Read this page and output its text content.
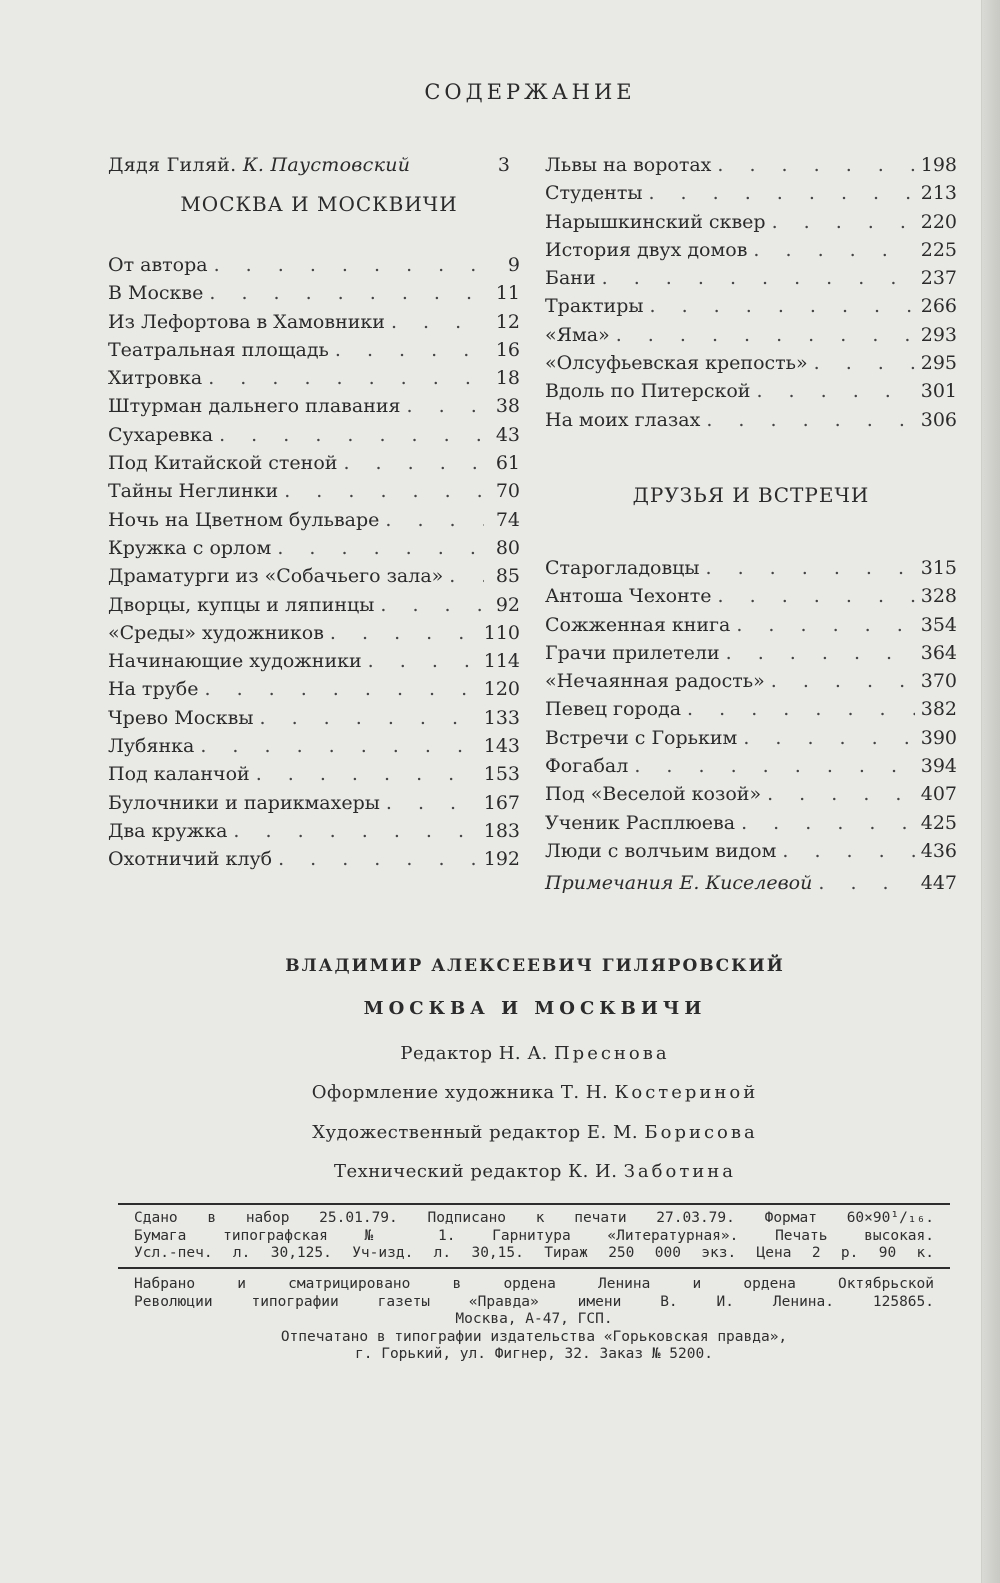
СОДЕРЖАНИЕ
Дядя Гиляй. К. Паустовский	3
МОСКВА И МОСКВИЧИ
От автора . . .	9
В Москве . . .	11
Из Лефортова в Хамовники . . .	12
Театральная площадь . . .	16
Хитровка . . .	18
Штурман дальнего плавания . . .	38
Сухаревка . . .	43
Под Китайской стеной . . .	61
Тайны Неглинки . . .	70
Ночь на Цветном бульваре . . .	74
Кружка с орлом . . .	80
Драматурги из «Собачьего зала» . . .	85
Дворцы, купцы и ляпинцы . . .	92
«Среды» художников . . .	110
Начинающие художники . . .	114
На трубе . . .	120
Чрево Москвы . . .	133
Лубянка . . .	143
Под каланчой . . .	153
Булочники и парикмахеры . . .	167
Два кружка . . .	183
Охотничий клуб . . .	192
Львы на воротах . . .	198
Студенты . . .	213
Нарышкинский сквер . . .	220
История двух домов . . .	225
Бани . . .	237
Трактиры . . .	266
«Яма» . . .	293
«Олсуфьевская крепость» . . .	295
Вдоль по Питерской . . .	301
На моих глазах . . .	306
ДРУЗЬЯ И ВСТРЕЧИ
Старогладовцы . . .	315
Антоша Чехонте . . .	328
Сожженная книга . . .	354
Грачи прилетели . . .	364
«Нечаянная радость» . . .	370
Певец города . . .	382
Встречи с Горьким . . .	390
Фогабал . . .	394
Под «Веселой козой» . . .	407
Ученик Расплюева . . .	425
Люди с волчьим видом . . .	436
Примечания Е. Киселевой . . .	447
ВЛАДИМИР АЛЕКСЕЕВИЧ ГИЛЯРОВСКИЙ
МОСКВА И МОСКВИЧИ
Редактор Н. А. Преснова
Оформление художника Т. Н. Костериной
Художественный редактор Е. М. Борисова
Технический редактор К. И. Заботина
Сдано в набор 25.01.79. Подписано к печати 27.03.79. Формат 60×90¹/₁₆.
Бумага типографская № 1. Гарнитура «Литературная». Печать высокая.
Усл.-печ. л. 30,125. Уч-изд. л. 30,15. Тираж 250 000 экз. Цена 2 р. 90 к.
Набрано и сматрицировано в ордена Ленина и ордена Октябрьской
Революции типографии газеты «Правда» имени В. И. Ленина. 125865.
Москва, А-47, ГСП.
Отпечатано в типографии издательства «Горьковская правда»,
г. Горький, ул. Фигнер, 32. Заказ № 5200.
